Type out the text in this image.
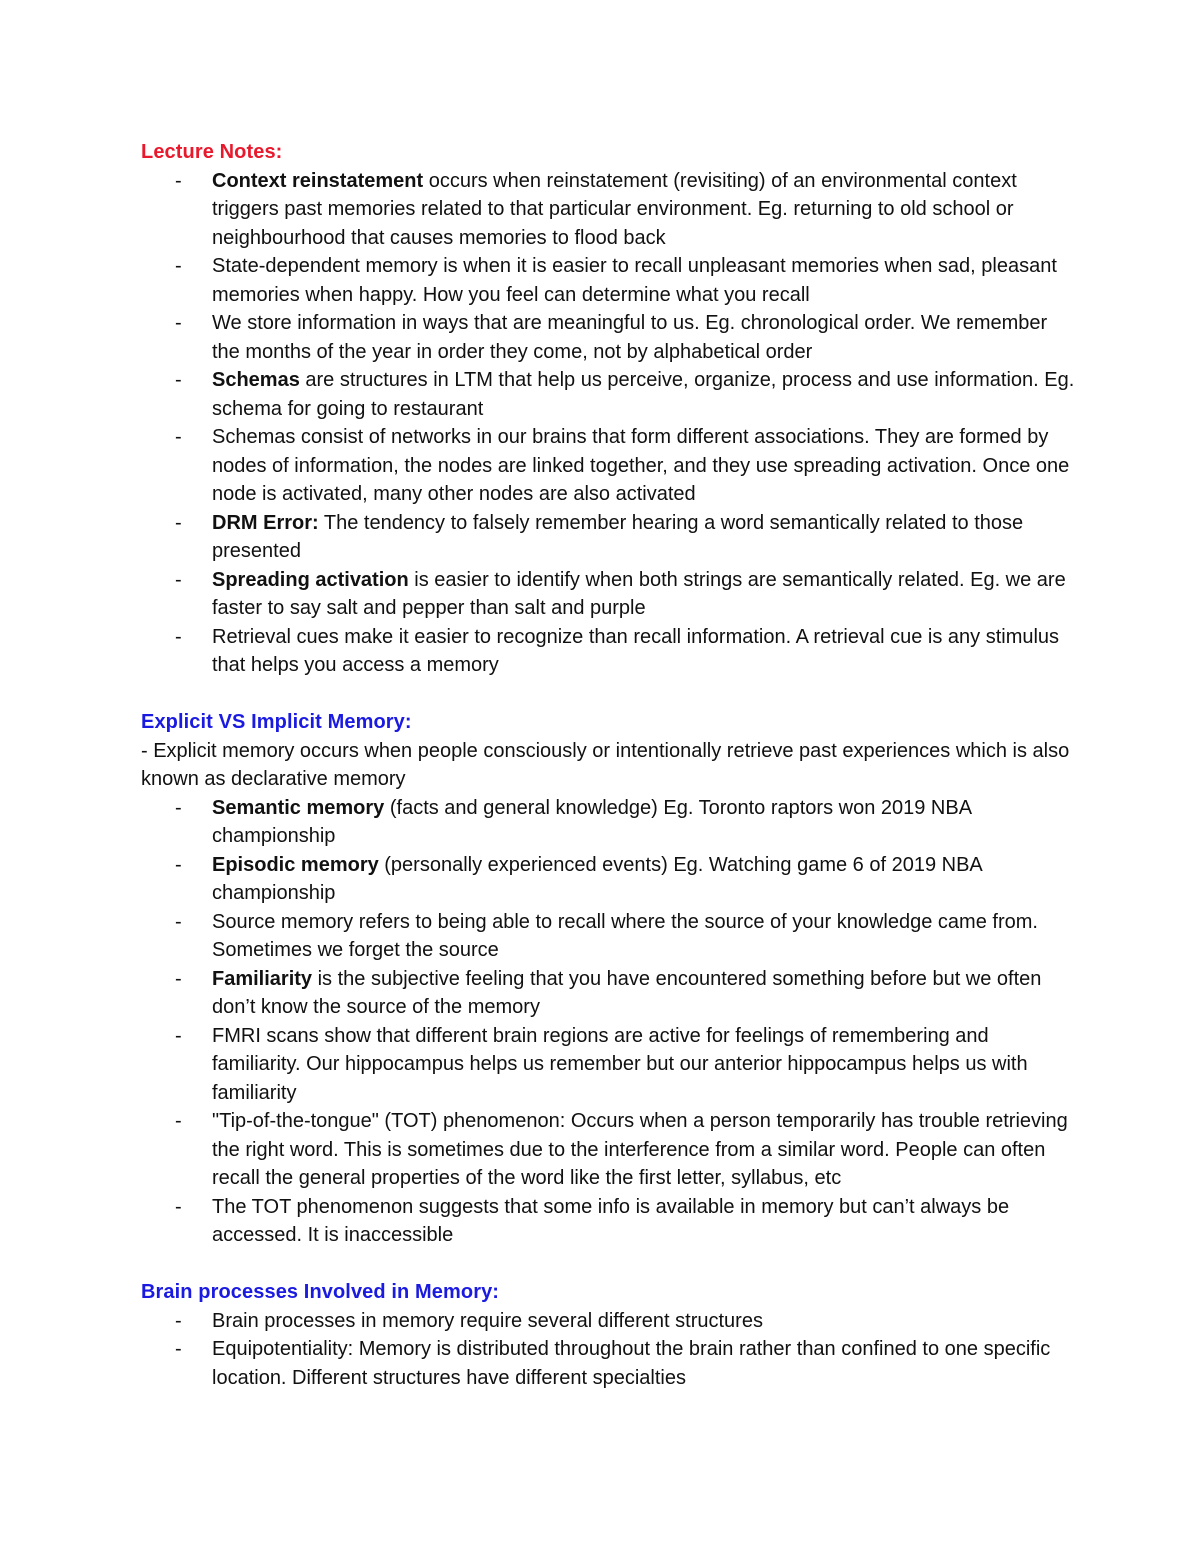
Lecture Notes:

- Context reinstatement occurs when reinstatement (revisiting) of an environmental context triggers past memories related to that particular environment. Eg. returning to old school or neighbourhood that causes memories to flood back
- State-dependent memory is when it is easier to recall unpleasant memories when sad, pleasant memories when happy. How you feel can determine what you recall
- We store information in ways that are meaningful to us. Eg. chronological order. We remember the months of the year in order they come, not by alphabetical order
- Schemas are structures in LTM that help us perceive, organize, process and use information. Eg. schema for going to restaurant
- Schemas consist of networks in our brains that form different associations. They are formed by nodes of information, the nodes are linked together, and they use spreading activation. Once one node is activated, many other nodes are also activated
- DRM Error: The tendency to falsely remember hearing a word semantically related to those presented
- Spreading activation is easier to identify when both strings are semantically related. Eg. we are faster to say salt and pepper than salt and purple
- Retrieval cues make it easier to recognize than recall information. A retrieval cue is any stimulus that helps you access a memory

Explicit VS Implicit Memory:

- Explicit memory occurs when people consciously or intentionally retrieve past experiences which is also known as declarative memory

- Semantic memory (facts and general knowledge) Eg. Toronto raptors won 2019 NBA championship
- Episodic memory (personally experienced events) Eg. Watching game 6 of 2019 NBA championship
- Source memory refers to being able to recall where the source of your knowledge came from. Sometimes we forget the source
- Familiarity is the subjective feeling that you have encountered something before but we often don’t know the source of the memory
- FMRI scans show that different brain regions are active for feelings of remembering and familiarity. Our hippocampus helps us remember but our anterior hippocampus helps us with familiarity
- "Tip-of-the-tongue" (TOT) phenomenon: Occurs when a person temporarily has trouble retrieving the right word. This is sometimes due to the interference from a similar word. People can often recall the general properties of the word like the first letter, syllabus, etc
- The TOT phenomenon suggests that some info is available in memory but can’t always be accessed. It is inaccessible

Brain processes Involved in Memory:

- Brain processes in memory require several different structures
- Equipotentiality: Memory is distributed throughout the brain rather than confined to one specific location. Different structures have different specialties
